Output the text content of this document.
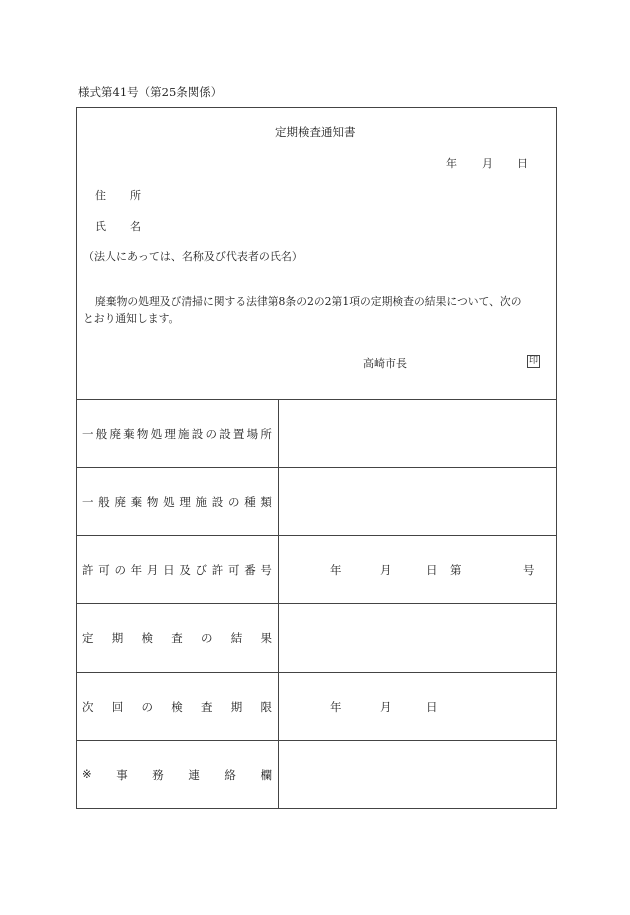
様式第41号（第25条関係）
定期検査通知書
年 月 日
住 所
氏 名
（法人にあっては、名称及び代表者の氏名）
廃棄物の処理及び清掃に関する法律第8条の2の2第1項の定期検査の結果について、次の
とおり通知します。
高崎市長	印
一 般 廃 棄 物 処 理 施 設 の 設 置 場 所
一 般 廃 棄 物 処 理 施 設 の 種 類
許 可 の 年 月 日 及 び 許 可 番 号	年	月	日 第	号
定 期 検 査 の 結 果
次 回 の 検 査 期 限	年	月	日
※ 事 務 連 絡 欄
